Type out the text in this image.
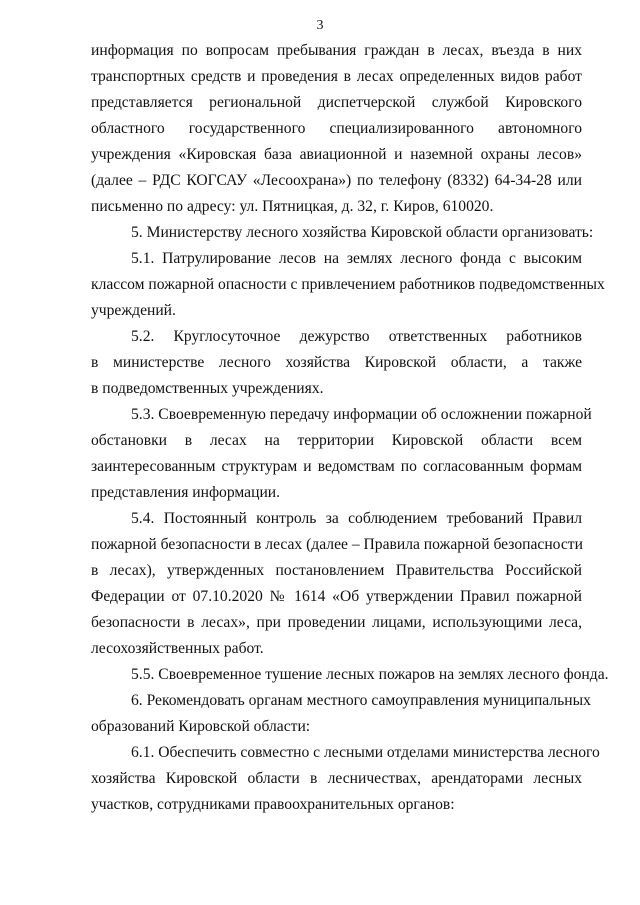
3
информация по вопросам пребывания граждан в лесах, въезда в них
транспортных средств и проведения в лесах определенных видов работ
представляется региональной диспетчерской службой Кировского
областного государственного специализированного автономного
учреждения «Кировская база авиационной и наземной охраны лесов»
(далее – РДС КОГСАУ «Лесоохрана») по телефону (8332) 64-34-28 или
письменно по адресу: ул. Пятницкая, д. 32, г. Киров, 610020.
5. Министерству лесного хозяйства Кировской области организовать:
5.1. Патрулирование лесов на землях лесного фонда с высоким
классом пожарной опасности с привлечением работников подведомственных
учреждений.
5.2. Круглосуточное дежурство ответственных работников
в министерстве лесного хозяйства Кировской области, а также
в подведомственных учреждениях.
5.3. Своевременную передачу информации об осложнении пожарной
обстановки в лесах на территории Кировской области всем
заинтересованным структурам и ведомствам по согласованным формам
представления информации.
5.4. Постоянный контроль за соблюдением требований Правил
пожарной безопасности в лесах (далее – Правила пожарной безопасности
в лесах), утвержденных постановлением Правительства Российской
Федерации от 07.10.2020 № 1614 «Об утверждении Правил пожарной
безопасности в лесах», при проведении лицами, использующими леса,
лесохозяйственных работ.
5.5. Своевременное тушение лесных пожаров на землях лесного фонда.
6. Рекомендовать органам местного самоуправления муниципальных
образований Кировской области:
6.1. Обеспечить совместно с лесными отделами министерства лесного
хозяйства Кировской области в лесничествах, арендаторами лесных
участков, сотрудниками правоохранительных органов:
